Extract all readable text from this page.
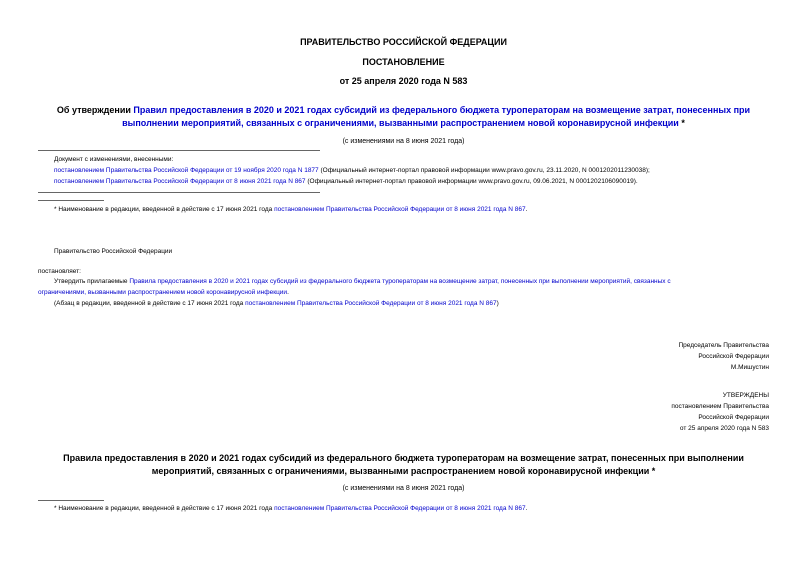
ПРАВИТЕЛЬСТВО РОССИЙСКОЙ ФЕДЕРАЦИИ
ПОСТАНОВЛЕНИЕ
от 25 апреля 2020 года N 583
Об утверждении Правил предоставления в 2020 и 2021 годах субсидий из федерального бюджета туроператорам на возмещение затрат, понесенных при
выполнении мероприятий, связанных с ограничениями, вызванными распространением новой коронавирусной инфекции *
(с изменениями на 8 июня 2021 года)
Документ с изменениями, внесенными:
постановлением Правительства Российской Федерации от 19 ноября 2020 года N 1877 (Официальный интернет-портал правовой информации www.pravo.gov.ru, 23.11.2020, N 0001202011230038);
постановлением Правительства Российской Федерации от 8 июня 2021 года N 867 (Официальный интернет-портал правовой информации www.pravo.gov.ru, 09.06.2021, N 0001202106090019).
* Наименование в редакции, введенной в действие с 17 июня 2021 года постановлением Правительства Российской Федерации от 8 июня 2021 года N 867.
Правительство Российской Федерации
постановляет:
Утвердить прилагаемые Правила предоставления в 2020 и 2021 годах субсидий из федерального бюджета туроператорам на возмещение затрат, понесенных при выполнении мероприятий, связанных с
ограничениями, вызванными распространением новой коронавирусной инфекции.
(Абзац в редакции, введенной в действие с 17 июня 2021 года постановлением Правительства Российской Федерации от 8 июня 2021 года N 867)
Председатель Правительства
Российской Федерации
М.Мишустин
УТВЕРЖДЕНЫ
постановлением Правительства
Российской Федерации
от 25 апреля 2020 года N 583
Правила предоставления в 2020 и 2021 годах субсидий из федерального бюджета туроператорам на возмещение затрат, понесенных при выполнении
мероприятий, связанных с ограничениями, вызванными распространением новой коронавирусной инфекции *
(с изменениями на 8 июня 2021 года)
* Наименование в редакции, введенной в действие с 17 июня 2021 года постановлением Правительства Российской Федерации от 8 июня 2021 года N 867.
